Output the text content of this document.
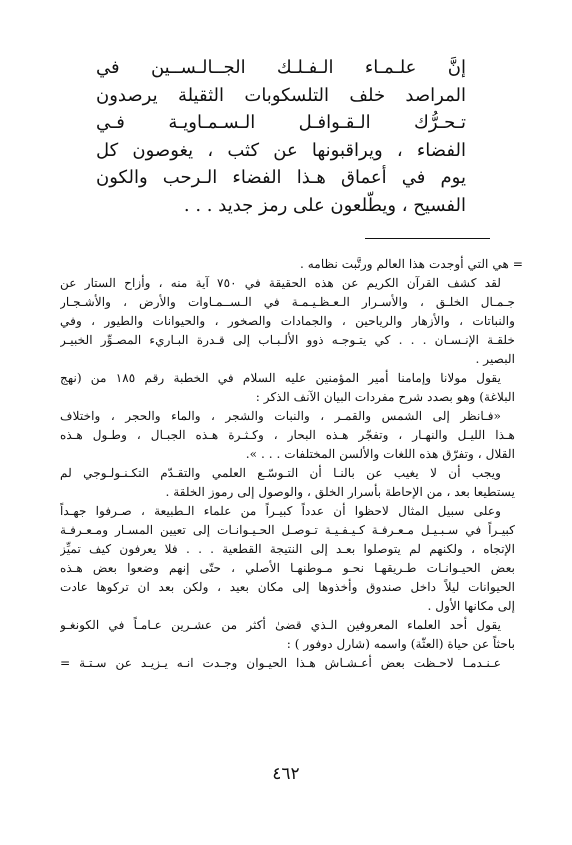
إنَّ علـمـاء الـفـلـك الجــالـســين في
المراصد خلف التلسكوبات الثقيلة يرصدون
تـحـرُّك الـقـوافـل الـسـمـاويـة فـي
الفضاء ، ويراقبونها عن كثب ، يغوصون كل
يوم في أعماق هـذا الفضاء الـرحب والكون
الفسيح ، ويطّلعون على رمز جديد . . .
= هي التي أوجدت هذا العالم ورتَّبت نظامه .
لقد كشف القرآن الكريم عن هذه الحقيقة في ٧٥٠ آية منه ، وأزاح الستار عن
جـمـال الخلـق ، والأسـرار الـعـظـيـمـة في الـســمـاوات والأرض ، والأشـجـار
والنباتات ، والأزهار والرياحين ، والجمادات والصخور ، والحيوانات والطيور ، وفي
خلقـة الإنـسـان . . . كي يتـوجـه ذوو الألـبـاب إلى قـدرة البـاريء المصـوِّر الخبيـر
البصير .
يقول مولانا وإمامنا أمير المؤمنين عليه السلام في الخطبة رقم ١٨٥ من (نهج
البلاغة) وهو بصدد شرح مفردات البيان الآنف الذكر :
«فـانظر إلى الشمس والقمـر ، والنبات والشجر ، والماء والحجر ، واختلاف
هـذا الليـل والنهـار ، وتفجّر هـذه البحار ، وكـثـرة هـذه الجبـال ، وطـول هـذه
القلال ، وتفرّق هذه اللغات والألسن المختلفات . . . ».
ويجب أن لا يغيب عن بالنـا أن التـوسّـع العلمي والتقـدّم التكـنـولـوجي لم
يستطيعا بعد ، من الإحاطة بأسرار الخلق ، والوصول إلى رموز الخلقة .
وعلى سبيل المثال لاحظوا أن عدداً كبيـراً من علماء الـطبيعة ، صـرفوا جهـداً
كبيـراً في سـبـيـل مـعـرفـة كـيـفـيـة تـوصـل الحـيـوانـات إلى تعيين المسـار ومـعـرفـة
الإتجاه ، ولكنهم لم يتوصلوا بعـد إلى النتيجة القطعية . . . فلا يعرفون كيف تميِّز
بعض الحيـوانـات طـريقهـا نحـو مـوطنهـا الأصلي ، حتّى إنهم وضعوا بعض هـذه
الحيوانات ليلاً داخل صندوق وأخذوها إلى مكان بعيد ، ولكن بعد ان تركوها عادت
إلى مكانها الأول .
يقول أحد العلماء المعروفين الـذي قضىٰ أكثر من عشـرين عـامـاً في الكونغـو
باحثاً عن حياة (العثّة) واسمه (شارل دوفور ) :
عـنـدمـا لاحـظت بعض أعـشـاش هـذا الحيـوان وجـدت انـه يـزيـد عن سـتـة =
٤٦٢
